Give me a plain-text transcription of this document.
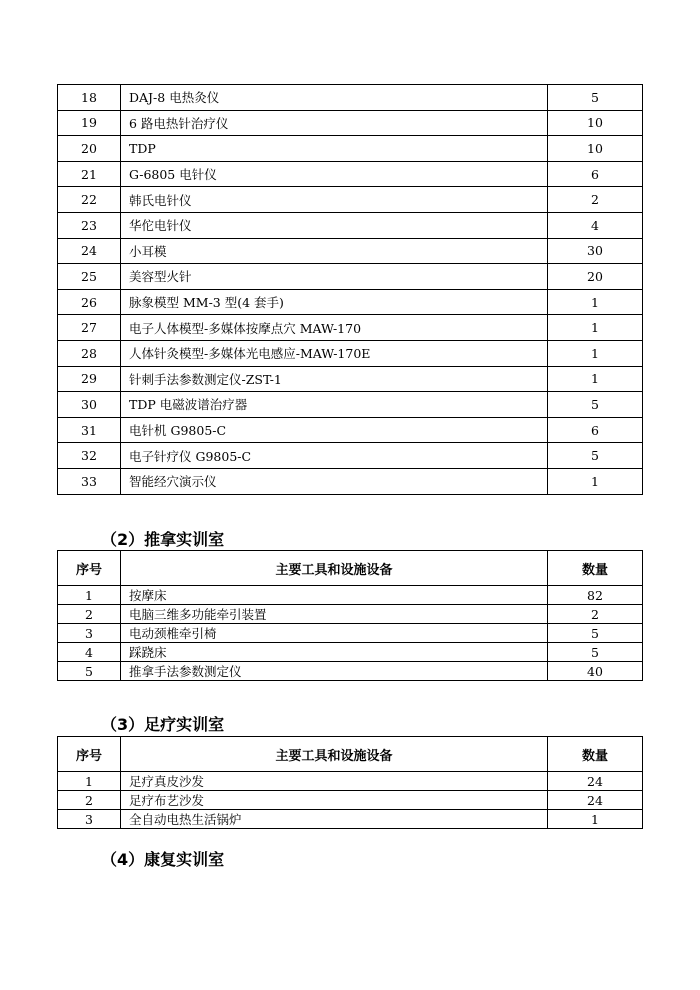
18	DAJ-8 电热灸仪	5
19	6 路电热针治疗仪	10
20	TDP	10
21	G-6805 电针仪	6
22	韩氏电针仪	2
23	华佗电针仪	4
24	小耳模	30
25	美容型火针	20
26	脉象模型 MM-3 型(4 套手)	1
27	电子人体模型-多媒体按摩点穴 MAW-170	1
28	人体针灸模型-多媒体光电感应-MAW-170E	1
29	针刺手法参数测定仪-ZST-1	1
30	TDP 电磁波谱治疗器	5
31	电针机 G9805-C	6
32	电子针疗仪 G9805-C	5
33	智能经穴演示仪	1
（2）推拿实训室
序号	主要工具和设施设备	数量
1	按摩床	82
2	电脑三维多功能牵引装置	2
3	电动颈椎牵引椅	5
4	踩跷床	5
5	推拿手法参数测定仪	40
（3）足疗实训室
序号	主要工具和设施设备	数量
1	足疗真皮沙发	24
2	足疗布艺沙发	24
3	全自动电热生活锅炉	1
（4）康复实训室
